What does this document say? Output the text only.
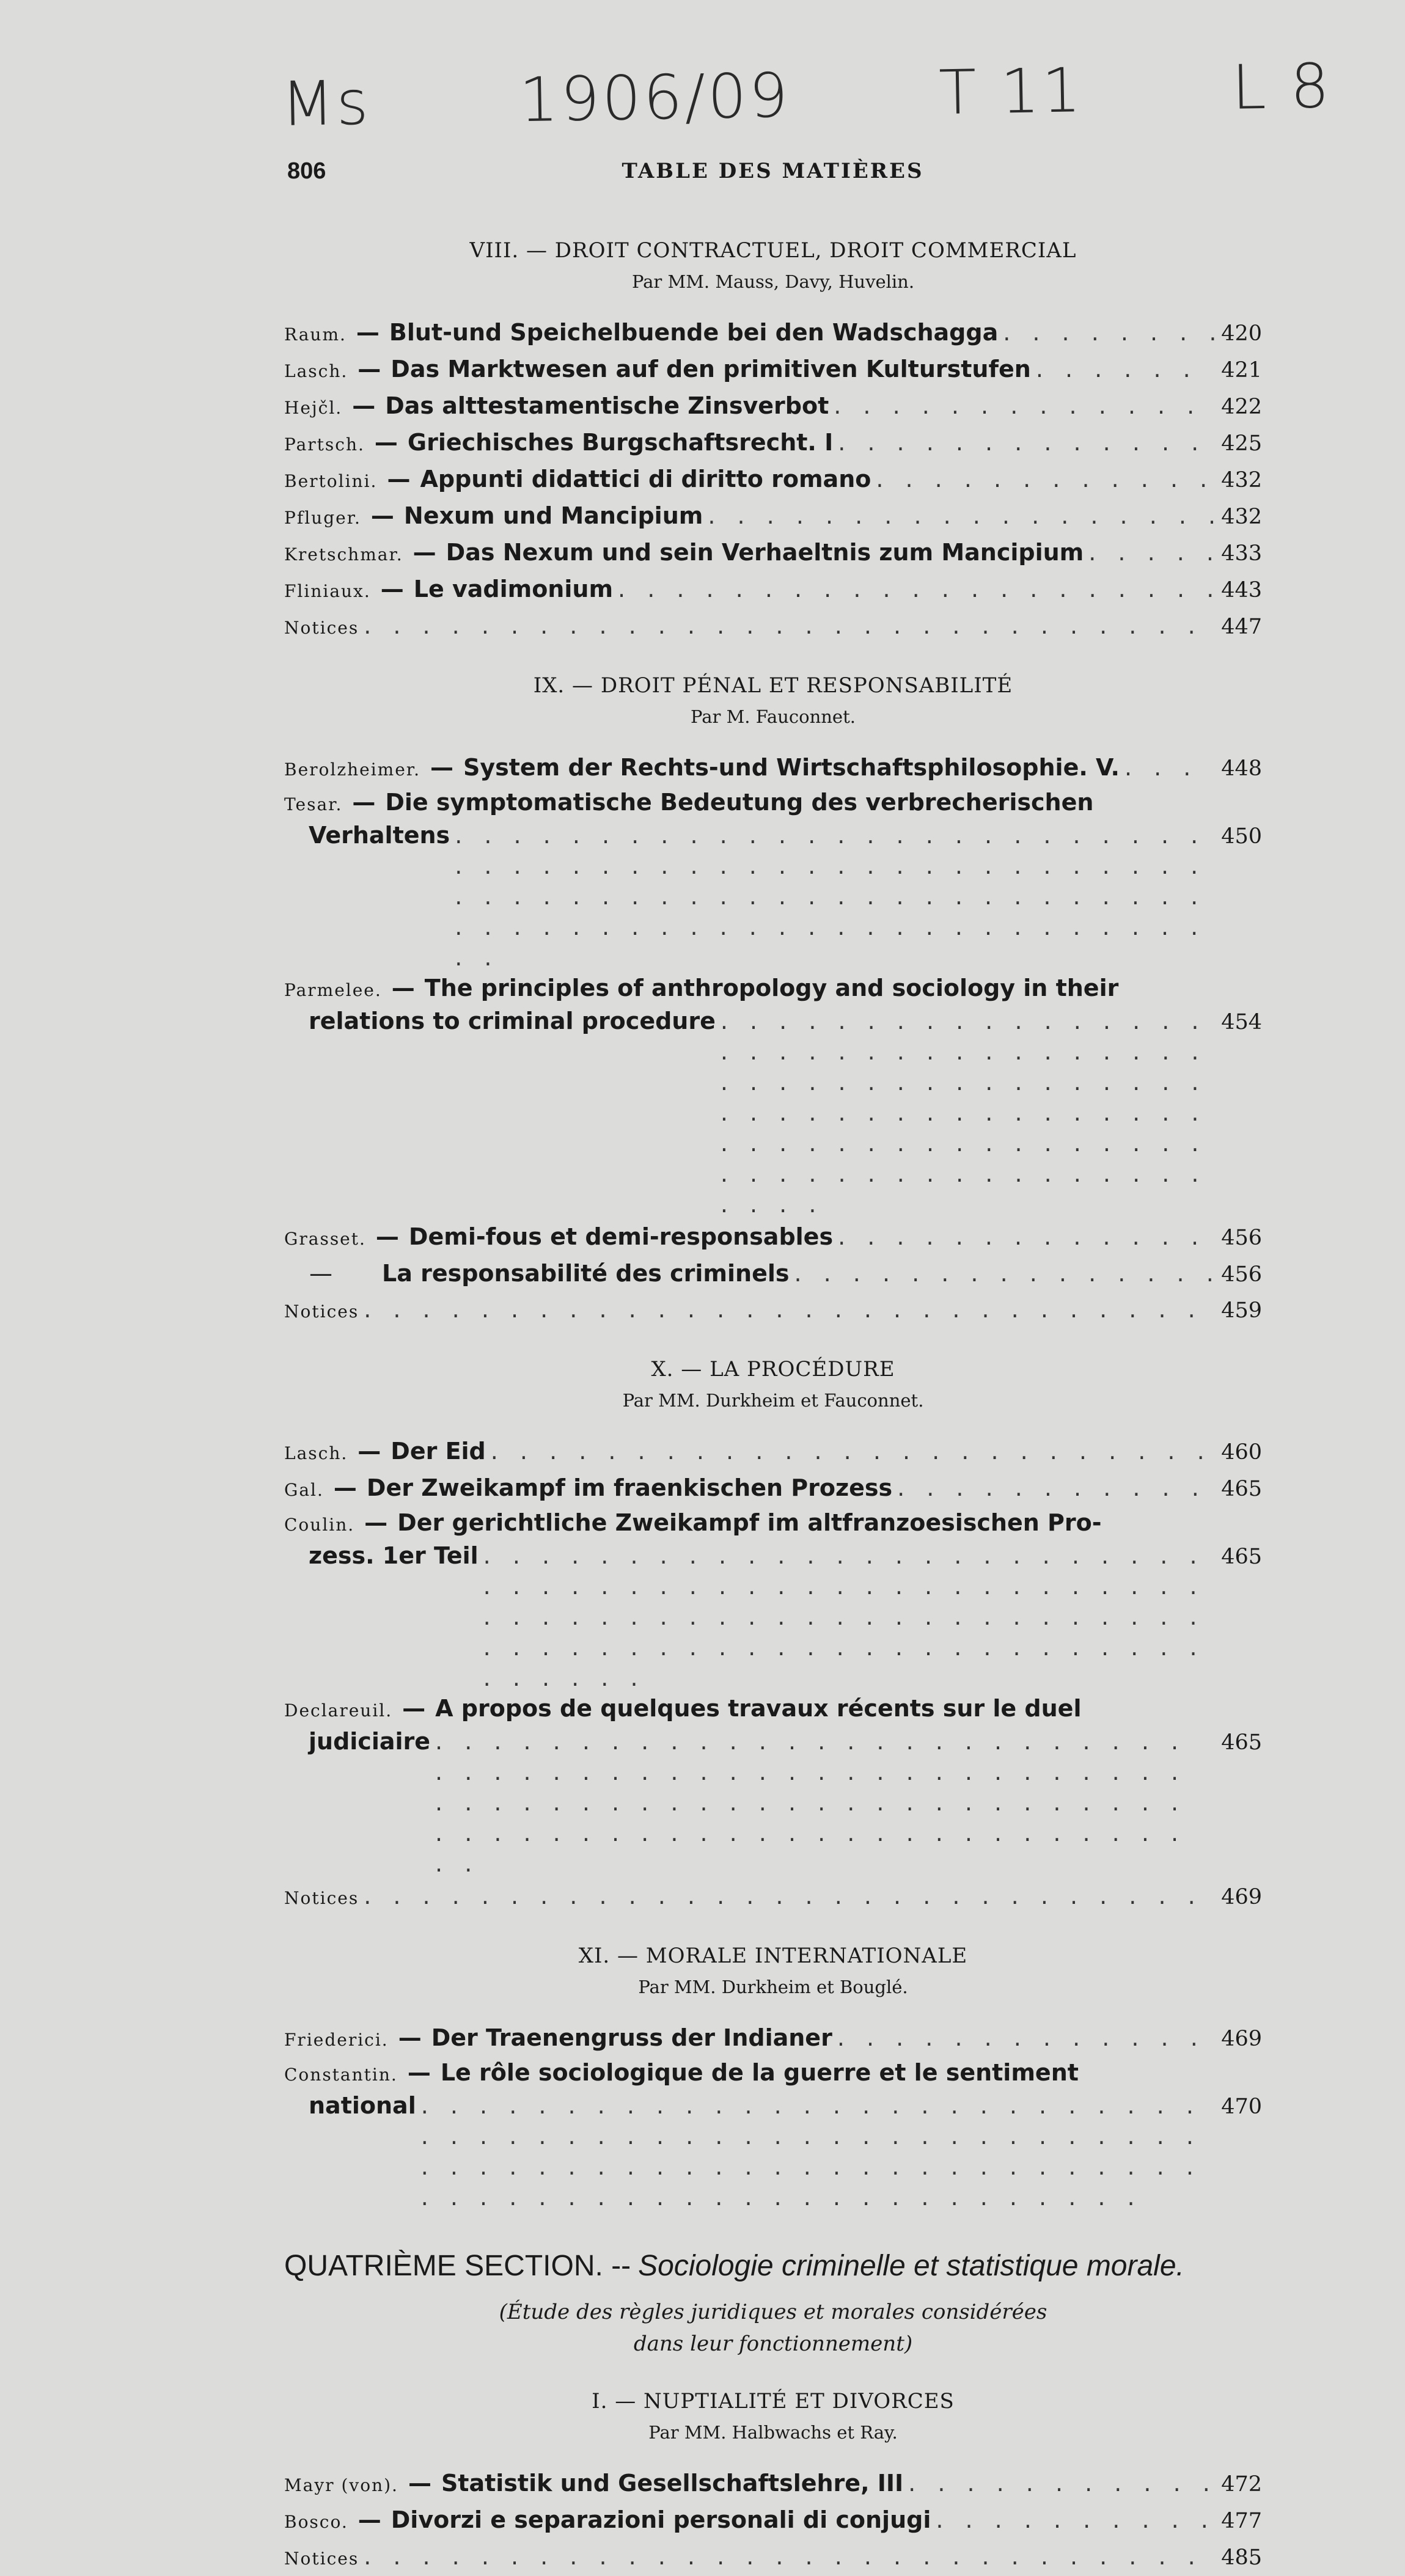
Ms 1906/09 T 11 L 8
806	TABLE DES MATIÈRES
VIII. — DROIT CONTRACTUEL, DROIT COMMERCIAL
Par MM. Mauss, Davy, Huvelin.
Raum. — Blut-und Speichelbuende bei den Wadschagga . . .	420
Lasch. — Das Marktwesen auf den primitiven Kulturstufen . . .	421
Hejčl. — Das alttestamentische Zinsverbot . . .	422
Partsch. — Griechisches Burgschaftsrecht. I . . .	425
Bertolini. — Appunti didattici di diritto romano . . .	432
Pfluger. — Nexum und Mancipium . . .	432
Kretschmar. — Das Nexum und sein Verhaeltnis zum Mancipium . . .	433
Fliniaux. — Le vadimonium . . .	443
Notices . . .	447
IX. — DROIT PÉNAL ET RESPONSABILITÉ
Par M. Fauconnet.
Berolzheimer. — System der Rechts-und Wirtschaftsphilosophie. V. . . .	448
Tesar. — Die symptomatische Bedeutung des verbrecherischen
Verhaltens . . .	450
Parmelee. — The principles of anthropology and sociology in their
relations to criminal procedure . . .	454
Grasset. — Demi-fous et demi-responsables . . .	456
—	La responsabilité des criminels . . .	456
Notices . . .	459
X. — LA PROCÉDURE
Par MM. Durkheim et Fauconnet.
Lasch. — Der Eid . . .	460
Gal. — Der Zweikampf im fraenkischen Prozess . . .	465
Coulin. — Der gerichtliche Zweikampf im altfranzoesischen Pro-
zess. 1er Teil . . .	465
Declareuil. — A propos de quelques travaux récents sur le duel
judiciaire . . .	465
Notices . . .	469
XI. — MORALE INTERNATIONALE
Par MM. Durkheim et Bouglé.
Friederici. — Der Traenengruss der Indianer . . .	469
Constantin. — Le rôle sociologique de la guerre et le sentiment
national . . .	470
QUATRIÈME SECTION. -- Sociologie criminelle et statistique morale.
(Étude des règles juridiques et morales considérées
dans leur fonctionnement)
I. — NUPTIALITÉ ET DIVORCES
Par MM. Halbwachs et Ray.
Mayr (von). — Statistik und Gesellschaftslehre, III . . .	472
Bosco. — Divorzi e separazioni personali di conjugi . . .	477
Notices . . .	485
